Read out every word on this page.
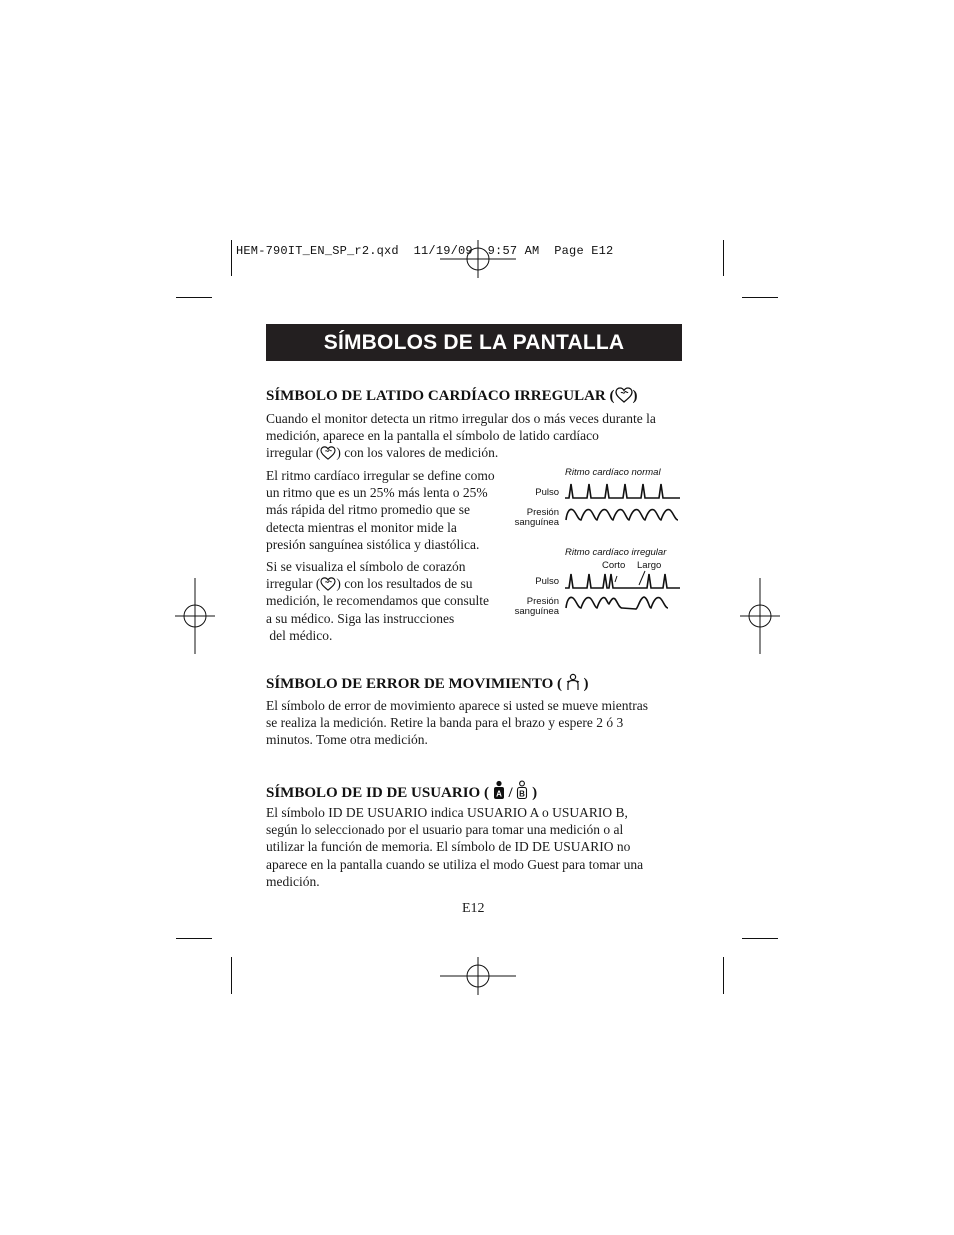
HEM-790IT_EN_SP_r2.qxd  11/19/09  9:57 AM  Page E12
SÍMBOLOS DE LA PANTALLA
SÍMBOLO DE LATIDO CARDÍACO IRREGULAR ( )

Cuando el monitor detecta un ritmo irregular dos o más veces durante la

medición, aparece en la pantalla el símbolo de latido cardíaco

irregular ( ) con los valores de medición.

El ritmo cardíaco irregular se define como

un ritmo que es un 25% más lenta o 25%

más rápida del ritmo promedio que se

detecta mientras el monitor mide la

presión sanguínea sistólica y diastólica.

Si se visualiza el símbolo de corazón

irregular ( ) con los resultados de su

medición, le recomendamos que consulte

a su médico. Siga las instrucciones

del médico.

Ritmo cardíaco normal
Pulso
Presión
sanguínea
Ritmo cardíaco irregular
Corto Largo
Pulso
Presión
sanguínea
SÍMBOLO DE ERROR DE MOVIMIENTO (  )

El símbolo de error de movimiento aparece si usted se mueve mientras

se realiza la medición. Retire la banda para el brazo y espere 2 ó 3

minutos. Tome otra medición.

SÍMBOLO DE ID DE USUARIO ( A / B )

El símbolo ID DE USUARIO indica USUARIO A o USUARIO B,

según lo seleccionado por el usuario para tomar una medición o al

utilizar la función de memoria. El símbolo de ID DE USUARIO no

aparece en la pantalla cuando se utiliza el modo Guest para tomar una

medición.

E12
